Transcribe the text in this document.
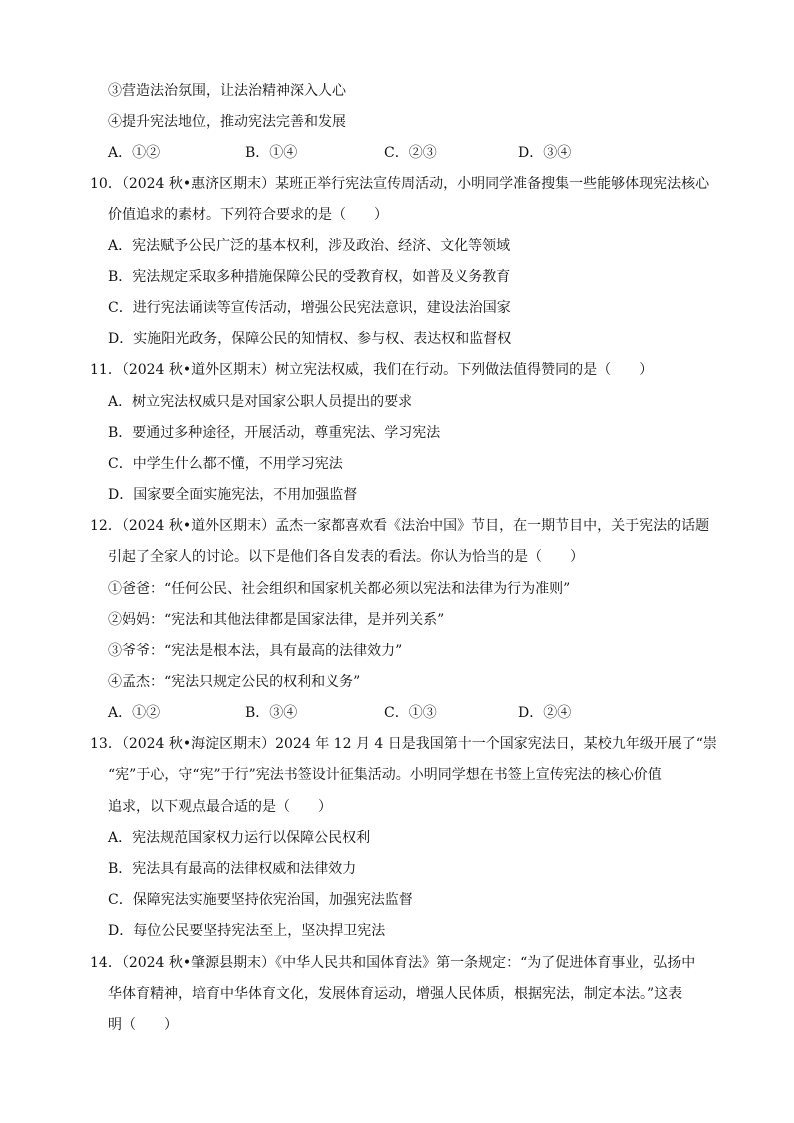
③营造法治氛围，让法治精神深入人心
④提升宪法地位，推动宪法完善和发展
A．①②	B．①④	C．②③	D．③④
10．（2024 秋•惠济区期末）某班正举行宪法宣传周活动，小明同学准备搜集一些能够体现宪法核心
价值追求的素材。下列符合要求的是（　　）
A．宪法赋予公民广泛的基本权利，涉及政治、经济、文化等领域
B．宪法规定采取多种措施保障公民的受教育权，如普及义务教育
C．进行宪法诵读等宣传活动，增强公民宪法意识，建设法治国家
D．实施阳光政务，保障公民的知情权、参与权、表达权和监督权
11．（2024 秋•道外区期末）树立宪法权威，我们在行动。下列做法值得赞同的是（　　）
A．树立宪法权威只是对国家公职人员提出的要求
B．要通过多种途径，开展活动，尊重宪法、学习宪法
C．中学生什么都不懂，不用学习宪法
D．国家要全面实施宪法，不用加强监督
12．（2024 秋•道外区期末）孟杰一家都喜欢看《法治中国》节目，在一期节目中，关于宪法的话题
引起了全家人的讨论。以下是他们各自发表的看法。你认为恰当的是（　　）
①爸爸：“任何公民、社会组织和国家机关都必须以宪法和法律为行为准则”
②妈妈：“宪法和其他法律都是国家法律，是并列关系”
③爷爷：“宪法是根本法，具有最高的法律效力”
④孟杰：“宪法只规定公民的权利和义务”
A．①②	B．③④	C．①③	D．②④
13．（2024 秋•海淀区期末）2024 年 12 月 4 日是我国第十一个国家宪法日，某校九年级开展了“崇
“宪”于心，守“宪”于行”宪法书签设计征集活动。小明同学想在书签上宣传宪法的核心价值
追求，以下观点最合适的是（　　）
A．宪法规范国家权力运行以保障公民权利
B．宪法具有最高的法律权威和法律效力
C．保障宪法实施要坚持依宪治国，加强宪法监督
D．每位公民要坚持宪法至上，坚决捍卫宪法
14．（2024 秋•肇源县期末）《中华人民共和国体育法》第一条规定：“为了促进体育事业，弘扬中
华体育精神，培育中华体育文化，发展体育运动，增强人民体质，根据宪法，制定本法。”这表
明（　　）
